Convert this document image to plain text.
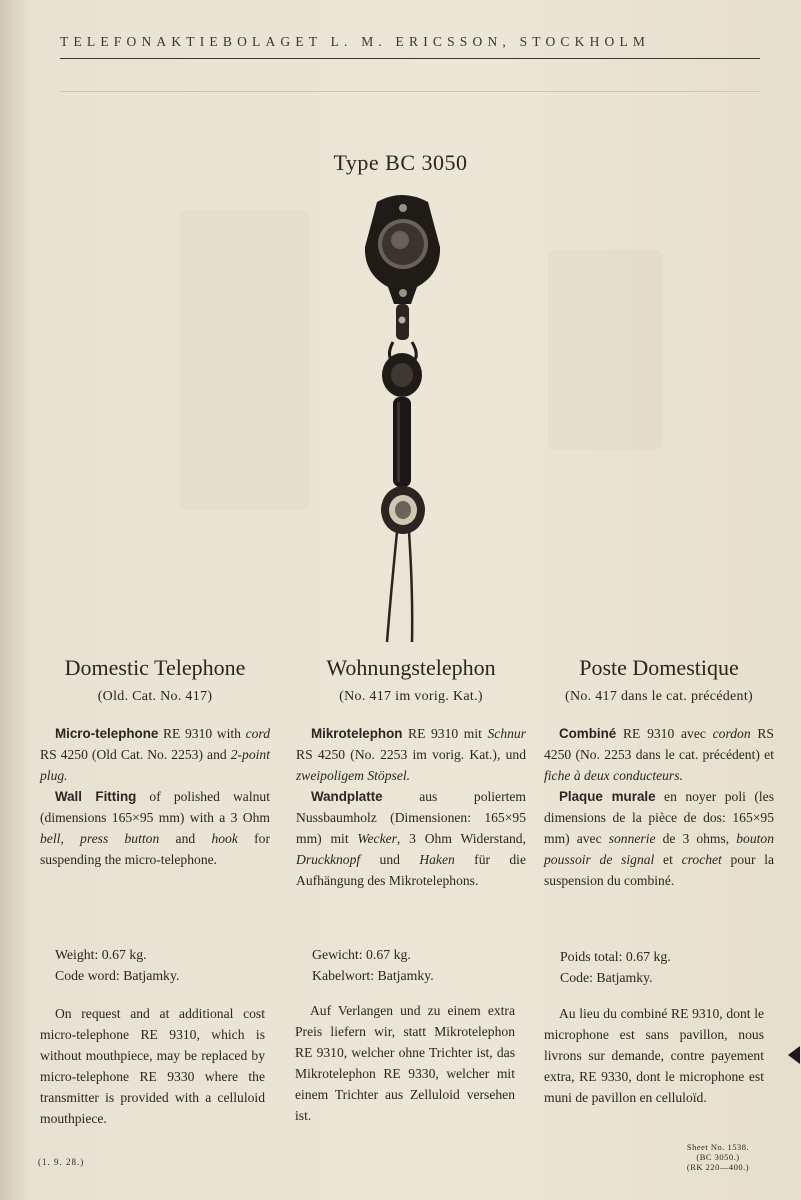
TELEFONAKTIEBOLAGET L. M. ERICSSON, STOCKHOLM
Type BC 3050
Domestic Telephone
(Old. Cat. No. 417)
Micro-telephone RE 9310 with cord RS 4250 (Old Cat. No. 2253) and 2-point plug.
Wall Fitting of polished walnut (dimensions 165×95 mm) with a 3 Ohm bell, press button and hook for suspending the micro-telephone.
Weight: 0.67 kg.
Code word: Batjamky.
On request and at additional cost micro-telephone RE 9310, which is without mouthpiece, may be replaced by micro-telephone RE 9330 where the transmitter is provided with a celluloid mouthpiece.
Wohnungstelephon
(No. 417 im vorig. Kat.)
Mikrotelephon RE 9310 mit Schnur RS 4250 (No. 2253 im vorig. Kat.), und zweipoligem Stöpsel.
Wandplatte aus poliertem Nussbaumholz (Dimensionen: 165×95 mm) mit Wecker, 3 Ohm Widerstand, Druckknopf und Haken für die Aufhängung des Mikrotelephons.
Gewicht: 0.67 kg.
Kabelwort: Batjamky.
Auf Verlangen und zu einem extra Preis liefern wir, statt Mikrotelephon RE 9310, welcher ohne Trichter ist, das Mikrotelephon RE 9330, welcher mit einem Trichter aus Zelluloid versehen ist.
Poste Domestique
(No. 417 dans le cat. précédent)
Combiné RE 9310 avec cordon RS 4250 (No. 2253 dans le cat. précédent) et fiche à deux conducteurs.
Plaque murale en noyer poli (les dimensions de la pièce de dos: 165×95 mm) avec sonnerie de 3 ohms, bouton poussoir de signal et crochet pour la suspension du combiné.
Poids total: 0.67 kg.
Code: Batjamky.
Au lieu du combiné RE 9310, dont le microphone est sans pavillon, nous livrons sur demande, contre payement extra, RE 9330, dont le microphone est muni de pavillon en celluloïd.
(1. 9. 28.)
Sheet No. 1538.
(BC 3050.)
(RK 220—400.)
